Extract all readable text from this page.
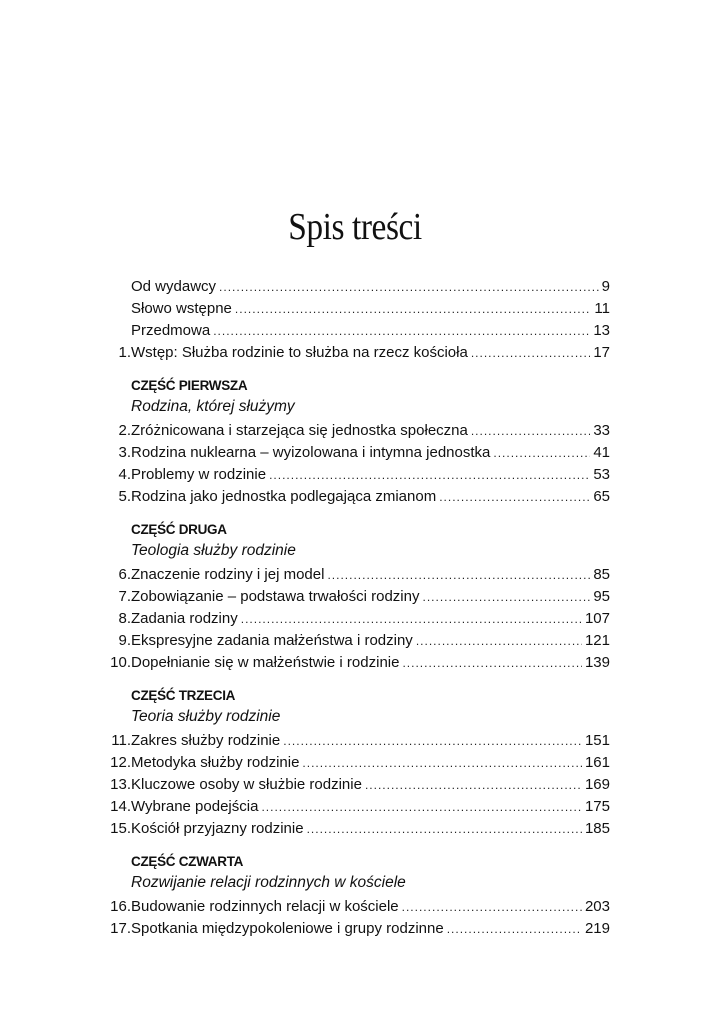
Spis treści
Od wydawcy .....	9
Słowo wstępne .....	11
Przedmowa .....	13
1. Wstęp: Służba rodzinie to służba na rzecz kościoła .....	17
CZĘŚĆ PIERWSZA
Rodzina, której służymy
2. Zróżnicowana i starzejąca się jednostka społeczna .....	33
3. Rodzina nuklearna – wyizolowana i intymna jednostka .....	41
4. Problemy w rodzinie .....	53
5. Rodzina jako jednostka podlegająca zmianom .....	65
CZĘŚĆ DRUGA
Teologia służby rodzinie
6. Znaczenie rodziny i jej model .....	85
7. Zobowiązanie – podstawa trwałości rodziny .....	95
8. Zadania rodziny .....	107
9. Ekspresyjne zadania małżeństwa i rodziny .....	121
10. Dopełnianie się w małżeństwie i rodzinie .....	139
CZĘŚĆ TRZECIA
Teoria służby rodzinie
11. Zakres służby rodzinie .....	151
12. Metodyka służby rodzinie .....	161
13. Kluczowe osoby w służbie rodzinie .....	169
14. Wybrane podejścia .....	175
15. Kościół przyjazny rodzinie .....	185
CZĘŚĆ CZWARTA
Rozwijanie relacji rodzinnych w kościele
16. Budowanie rodzinnych relacji w kościele .....	203
17. Spotkania międzypokoleniowe i grupy rodzinne .....	219
